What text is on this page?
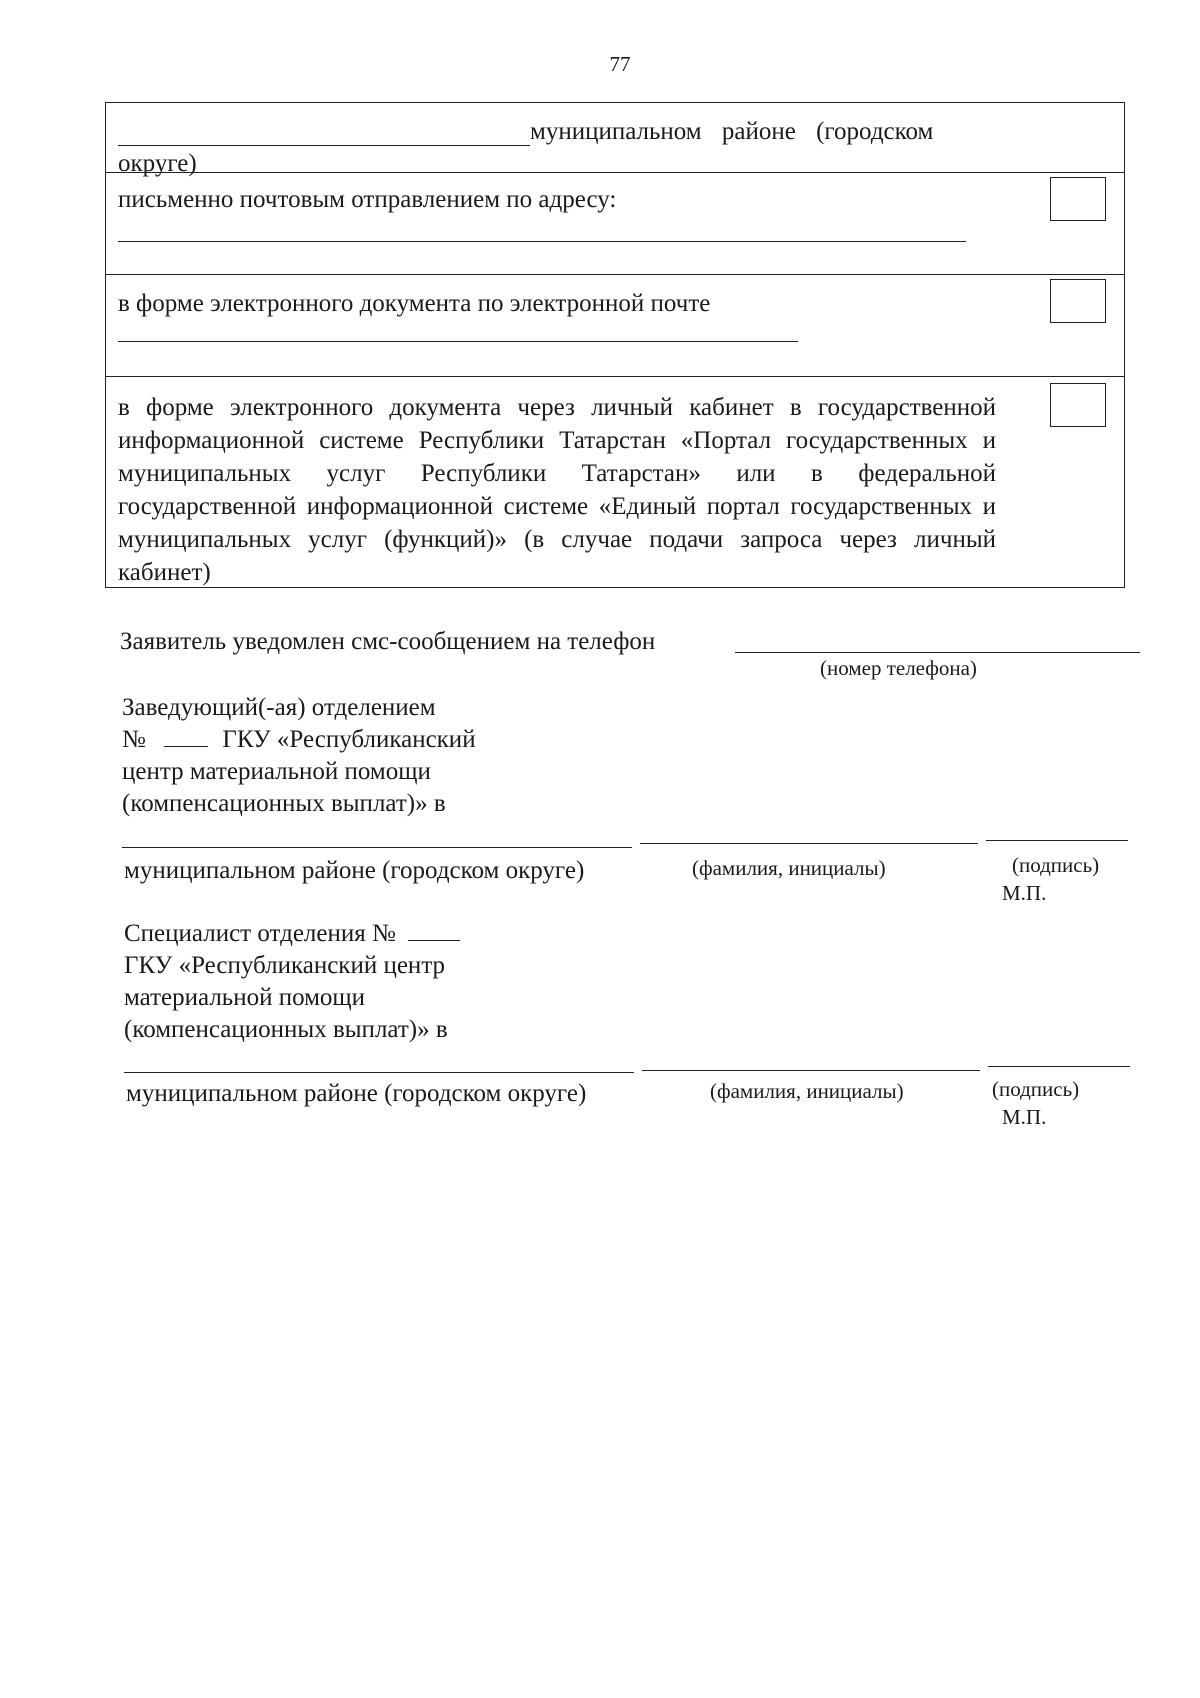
77
муниципальном районе (городском
округе)
письменно почтовым отправлением по адресу:
в форме электронного документа по электронной почте
в форме электронного документа через личный кабинет в государственной информационной системе Республики Татарстан «Портал государственных и муниципальных услуг Республики Татарстан» или в федеральной государственной информационной системе «Единый портал государственных и муниципальных услуг (функций)» (в случае подачи запроса через личный кабинет)
Заявитель уведомлен смс-сообщением на телефон
(номер телефона)
Заведующий(-ая) отделением
№	ГКУ «Республиканский
центр материальной помощи
(компенсационных выплат)» в
муниципальном районе (городском округе)	(фамилия, инициалы)	(подпись)
М.П.
Специалист отделения №
ГКУ «Республиканский центр
материальной помощи
(компенсационных выплат)» в
муниципальном районе (городском округе)	(фамилия, инициалы)	(подпись)
М.П.
